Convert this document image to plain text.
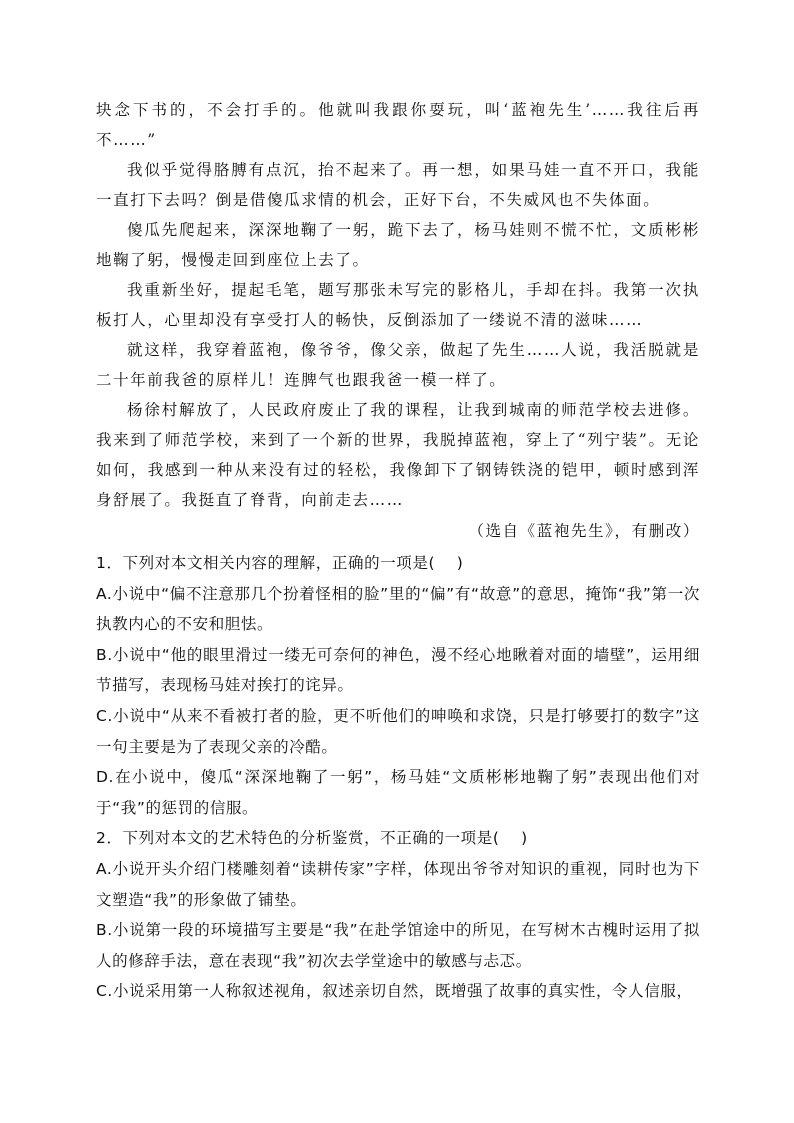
块念下书的，不会打手的。他就叫我跟你耍玩，叫‘蓝袍先生’……我往后再不……”

我似乎觉得胳膊有点沉，抬不起来了。再一想，如果马娃一直不开口，我能一直打下去吗？倒是借傻瓜求情的机会，正好下台，不失威风也不失体面。

傻瓜先爬起来，深深地鞠了一躬，跪下去了，杨马娃则不慌不忙，文质彬彬地鞠了躬，慢慢走回到座位上去了。

我重新坐好，提起毛笔，题写那张未写完的影格儿，手却在抖。我第一次执板打人，心里却没有享受打人的畅快，反倒添加了一缕说不清的滋味……

就这样，我穿着蓝袍，像爷爷，像父亲，做起了先生……人说，我活脱就是二十年前我爸的原样儿！连脾气也跟我爸一模一样了。

杨徐村解放了，人民政府废止了我的课程，让我到城南的师范学校去进修。我来到了师范学校，来到了一个新的世界，我脱掉蓝袍，穿上了“列宁装”。无论如何，我感到一种从来没有过的轻松，我像卸下了钢铸铁浇的铠甲，顿时感到浑身舒展了。我挺直了脊背，向前走去……

（选自《蓝袍先生》，有删改）

1．下列对本文相关内容的理解，正确的一项是(　 )

A.小说中“偏不注意那几个扮着怪相的脸”里的“偏”有“故意”的意思，掩饰“我”第一次执教内心的不安和胆怯。

B.小说中“他的眼里滑过一缕无可奈何的神色，漫不经心地瞅着对面的墙壁”，运用细节描写，表现杨马娃对挨打的诧异。

C.小说中“从来不看被打者的脸，更不听他们的呻唤和求饶，只是打够要打的数字”这一句主要是为了表现父亲的冷酷。

D.在小说中，傻瓜“深深地鞠了一躬”，杨马娃“文质彬彬地鞠了躬”表现出他们对于“我”的惩罚的信服。

2．下列对本文的艺术特色的分析鉴赏，不正确的一项是(　 )

A.小说开头介绍门楼雕刻着“读耕传家”字样，体现出爷爷对知识的重视，同时也为下文塑造“我”的形象做了铺垫。

B.小说第一段的环境描写主要是“我”在赴学馆途中的所见，在写树木古槐时运用了拟人的修辞手法，意在表现“我”初次去学堂途中的敏感与忐忑。

C.小说采用第一人称叙述视角，叙述亲切自然，既增强了故事的真实性，令人信服，
